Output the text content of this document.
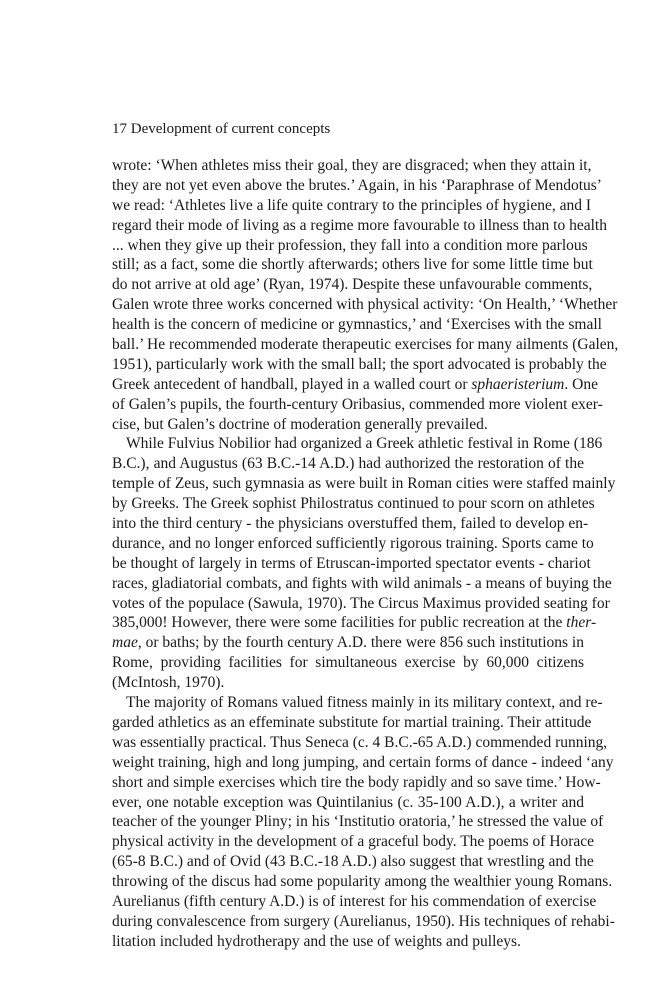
17 Development of current concepts
wrote: ‘When athletes miss their goal, they are disgraced; when they attain it,
they are not yet even above the brutes.’ Again, in his ‘Paraphrase of Mendotus’
we read: ‘Athletes live a life quite contrary to the principles of hygiene, and I
regard their mode of living as a regime more favourable to illness than to health
... when they give up their profession, they fall into a condition more parlous
still; as a fact, some die shortly afterwards; others live for some little time but
do not arrive at old age’ (Ryan, 1974). Despite these unfavourable comments,
Galen wrote three works concerned with physical activity: ‘On Health,’ ‘Whether
health is the concern of medicine or gymnastics,’ and ‘Exercises with the small
ball.’ He recommended moderate therapeutic exercises for many ailments (Galen,
1951), particularly work with the small ball; the sport advocated is probably the
Greek antecedent of handball, played in a walled court or sphaeristerium. One
of Galen’s pupils, the fourth-century Oribasius, commended more violent exer-
cise, but Galen’s doctrine of moderation generally prevailed.
While Fulvius Nobilior had organized a Greek athletic festival in Rome (186
B.C.), and Augustus (63 B.C.-14 A.D.) had authorized the restoration of the
temple of Zeus, such gymnasia as were built in Roman cities were staffed mainly
by Greeks. The Greek sophist Philostratus continued to pour scorn on athletes
into the third century - the physicians overstuffed them, failed to develop en-
durance, and no longer enforced sufficiently rigorous training. Sports came to
be thought of largely in terms of Etruscan-imported spectator events - chariot
races, gladiatorial combats, and fights with wild animals - a means of buying the
votes of the populace (Sawula, 1970). The Circus Maximus provided seating for
385,000! However, there were some facilities for public recreation at the ther-
mae, or baths; by the fourth century A.D. there were 856 such institutions in
Rome, providing facilities for simultaneous exercise by 60,000 citizens
(McIntosh, 1970).
The majority of Romans valued fitness mainly in its military context, and re-
garded athletics as an effeminate substitute for martial training. Their attitude
was essentially practical. Thus Seneca (c. 4 B.C.-65 A.D.) commended running,
weight training, high and long jumping, and certain forms of dance - indeed ‘any
short and simple exercises which tire the body rapidly and so save time.’ How-
ever, one notable exception was Quintilanius (c. 35-100 A.D.), a writer and
teacher of the younger Pliny; in his ‘Institutio oratoria,’ he stressed the value of
physical activity in the development of a graceful body. The poems of Horace
(65-8 B.C.) and of Ovid (43 B.C.-18 A.D.) also suggest that wrestling and the
throwing of the discus had some popularity among the wealthier young Romans.
Aurelianus (fifth century A.D.) is of interest for his commendation of exercise
during convalescence from surgery (Aurelianus, 1950). His techniques of rehabi-
litation included hydrotherapy and the use of weights and pulleys.
